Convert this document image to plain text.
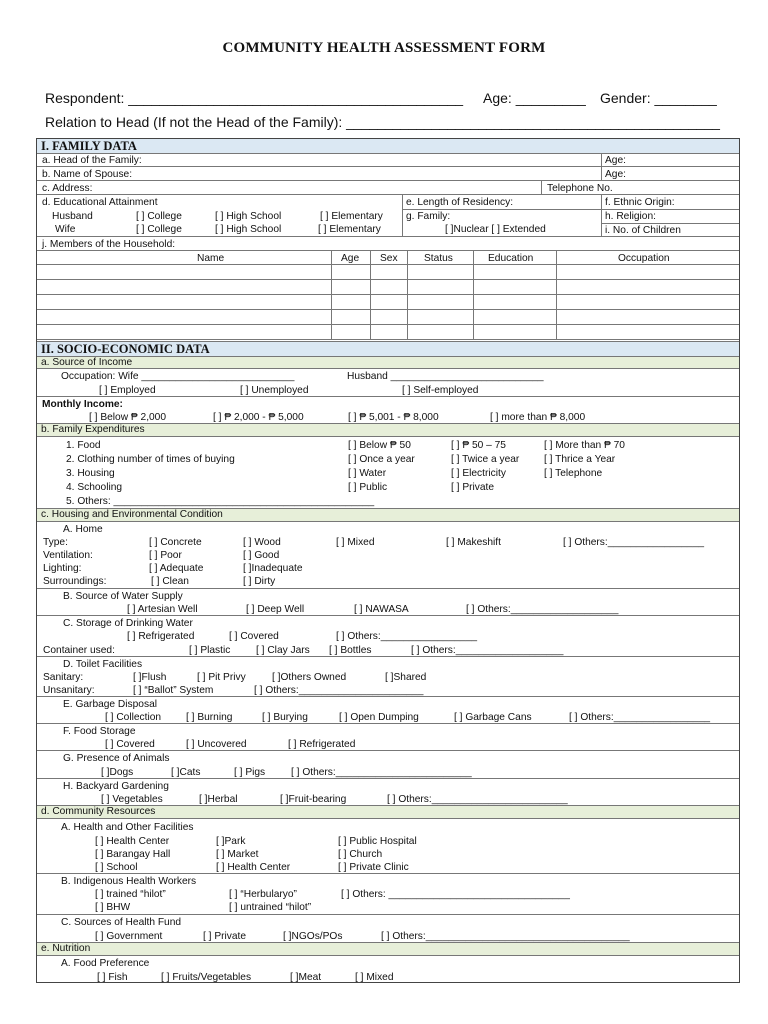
COMMUNITY HEALTH ASSESSMENT FORM
Respondent: ___________________________________________ Age: _________ Gender: ________
Relation to Head (If not the Head of the Family): ________________________________________________
I. FAMILY DATA
a. Head of the Family:	Age:
b. Name of Spouse:	Age:
c. Address:	Telephone No.
d. Educational Attainment	e. Length of Residency:	f. Ethnic Origin:
Husband	[ ] College	[ ] High School	[ ] Elementary g. Family:	h. Religion:
Wife	[ ] College	[ ] High School	[ ] Elementary	[ ]Nuclear [ ] Extended	i. No. of Children
j. Members of the Household:
Name	Age Sex	Status	Education	Occupation
II. SOCIO-ECONOMIC DATA
a. Source of Income
Occupation: Wife ___________________________	Husband ___________________________
[ ] Employed	[ ] Unemployed	[ ] Self-employed
Monthly Income:
[ ] Below ₱ 2,000	[ ] ₱ 2,000 - ₱ 5,000	[ ] ₱ 5,001 - ₱ 8,000	[ ] more than ₱ 8,000
b. Family Expenditures
1. Food	[ ] Below ₱ 50	[ ] ₱ 50 – 75	[ ] More than ₱ 70
2. Clothing number of times of buying	[ ] Once a year	[ ] Twice a year [ ] Thrice a Year
3. Housing	[ ] Water	[ ] Electricity	[ ] Telephone
4. Schooling	[ ] Public	[ ] Private
5. Others: ______________________________________________
c. Housing and Environmental Condition
A. Home
Type:	[ ] Concrete	[ ] Wood	[ ] Mixed	[ ] Makeshift	[ ] Others:_________________
Ventilation:	[ ] Poor	[ ] Good
Lighting:	[ ] Adequate	[ ]Inadequate
Surroundings:	[ ] Clean	[ ] Dirty
B. Source of Water Supply
[ ] Artesian Well	[ ] Deep Well	[ ] NAWASA	[ ] Others:___________________
C. Storage of Drinking Water
[ ] Refrigerated	[ ] Covered	[ ] Others:_________________
Container used:	[ ] Plastic	[ ] Clay Jars [ ] Bottles	[ ] Others:___________________
D. Toilet Facilities
Sanitary:	[ ]Flush	[ ] Pit Privy	[ ]Others Owned	[ ]Shared
Unsanitary:	[ ] “Ballot” System	[ ] Others:______________________
E. Garbage Disposal
[ ] Collection [ ] Burning	[ ] Burying	[ ] Open Dumping	[ ] Garbage Cans	[ ] Others:_________________
F. Food Storage
[ ] Covered	[ ] Uncovered	[ ] Refrigerated
G. Presence of Animals
[ ]Dogs	[ ]Cats	[ ] Pigs	[ ] Others:________________________
H. Backyard Gardening
[ ] Vegetables	[ ]Herbal	[ ]Fruit-bearing	[ ] Others:________________________
d. Community Resources
A. Health and Other Facilities
[ ] Health Center	[ ]Park	[ ] Public Hospital
[ ] Barangay Hall	[ ] Market	[ ] Church
[ ] School	[ ] Health Center	[ ] Private Clinic
B. Indigenous Health Workers
[ ] trained “hilot”	[ ] “Herbularyo”	[ ] Others: ________________________________
[ ] BHW	[ ] untrained “hilot”
C. Sources of Health Fund
[ ] Government	[ ] Private	[ ]NGOs/POs	[ ] Others:____________________________________
e. Nutrition
A. Food Preference
[ ] Fish	[ ] Fruits/Vegetables	[ ]Meat	[ ] Mixed
